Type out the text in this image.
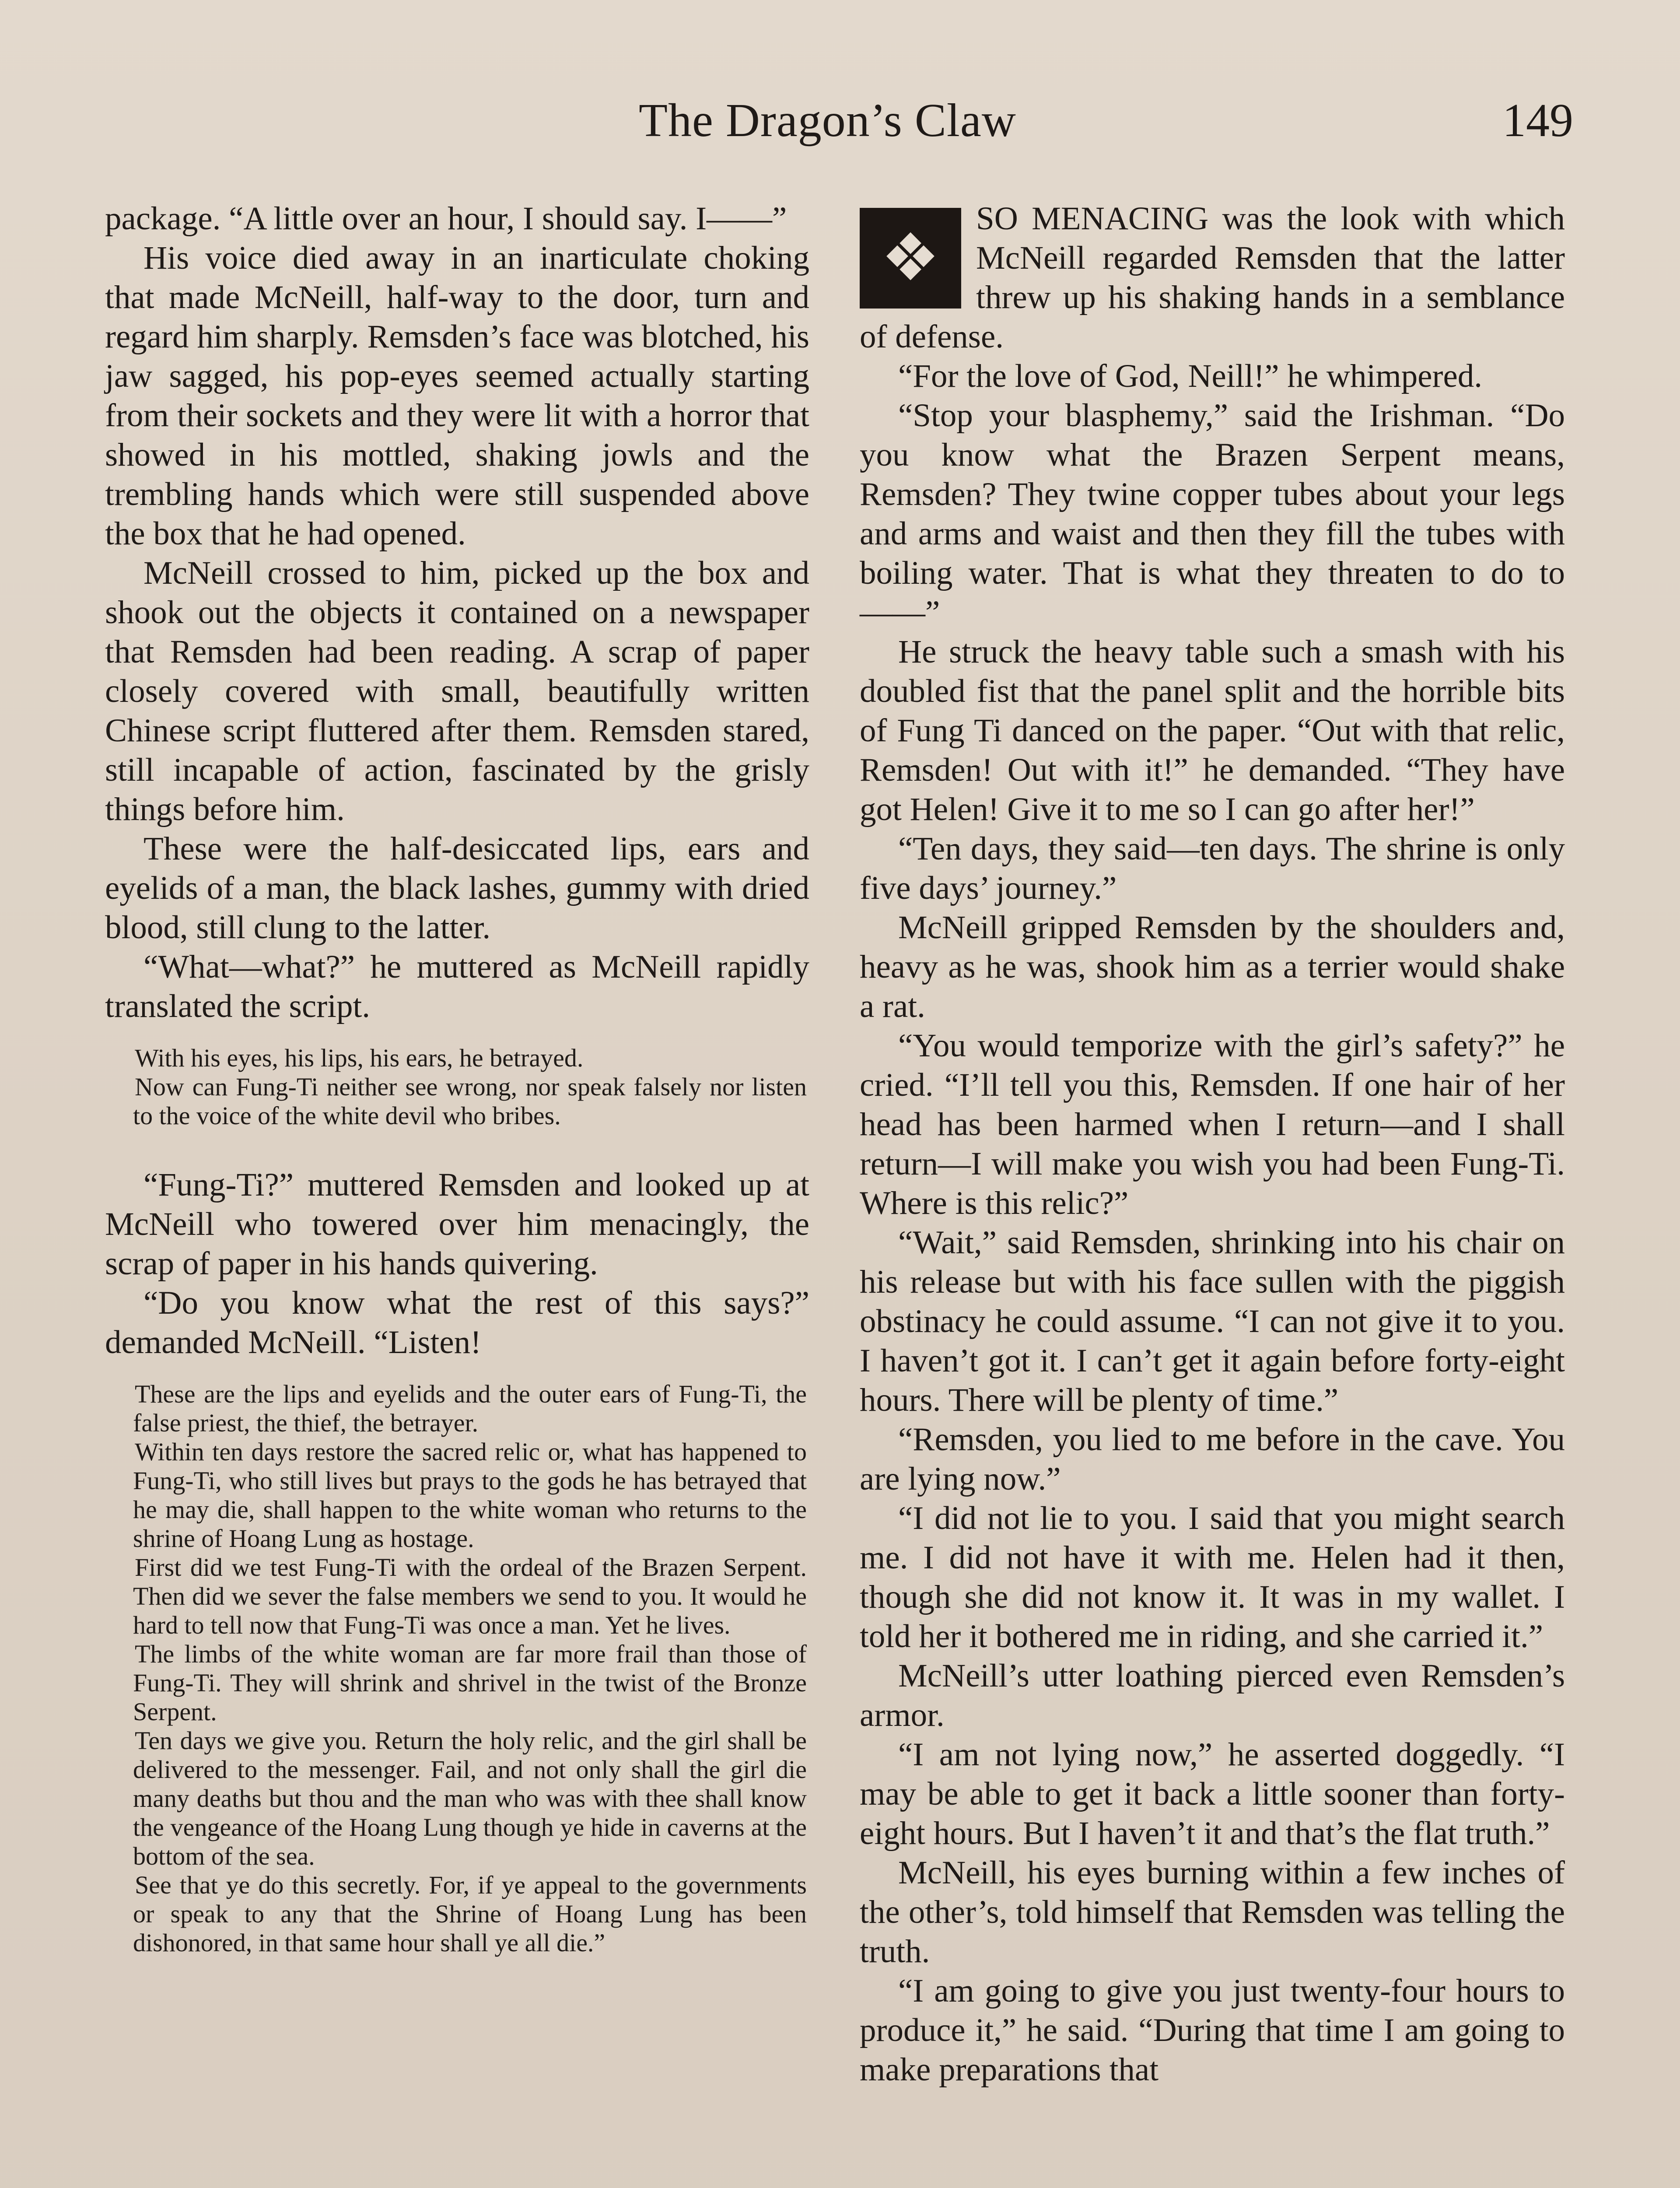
The Dragon’s Claw	149

package. “A little over an hour, I should say. I——”

His voice died away in an inarticulate choking that made McNeill, half-way to the door, turn and regard him sharply. Remsden’s face was blotched, his jaw sagged, his pop-eyes seemed actually starting from their sockets and they were lit with a horror that showed in his mottled, shaking jowls and the trembling hands which were still suspended above the box that he had opened.

McNeill crossed to him, picked up the box and shook out the objects it contained on a newspaper that Remsden had been reading. A scrap of paper closely covered with small, beautifully written Chinese script fluttered after them. Remsden stared, still incapable of action, fascinated by the grisly things before him.

These were the half-desiccated lips, ears and eyelids of a man, the black lashes, gummy with dried blood, still clung to the latter.

“What—what?” he muttered as McNeill rapidly translated the script.

With his eyes, his lips, his ears, he betrayed.

Now can Fung-Ti neither see wrong, nor speak falsely nor listen to the voice of the white devil who bribes.

“Fung-Ti?” muttered Remsden and looked up at McNeill who towered over him menacingly, the scrap of paper in his hands quivering.

“Do you know what the rest of this says?” demanded McNeill. “Listen!

These are the lips and eyelids and the outer ears of Fung-Ti, the false priest, the thief, the betrayer.

Within ten days restore the sacred relic or, what has happened to Fung-Ti, who still lives but prays to the gods he has betrayed that he may die, shall happen to the white woman who returns to the shrine of Hoang Lung as hostage.

First did we test Fung-Ti with the ordeal of the Brazen Serpent. Then did we sever the false members we send to you. It would he hard to tell now that Fung-Ti was once a man. Yet he lives.

The limbs of the white woman are far more frail than those of Fung-Ti. They will shrink and shrivel in the twist of the Bronze Serpent.

Ten days we give you. Return the holy relic, and the girl shall be delivered to the messenger. Fail, and not only shall the girl die many deaths but thou and the man who was with thee shall know the vengeance of the Hoang Lung though ye hide in caverns at the bottom of the sea.

See that ye do this secretly. For, if ye appeal to the governments or speak to any that the Shrine of Hoang Lung has been dishonored, in that same hour shall ye all die.”

❖

SO MENACING was the look with which McNeill regarded Remsden that the latter threw up his shaking hands in a semblance of defense.

“For the love of God, Neill!” he whimpered.

“Stop your blasphemy,” said the Irishman. “Do you know what the Brazen Serpent means, Remsden? They twine copper tubes about your legs and arms and waist and then they fill the tubes with boiling water. That is what they threaten to do to——”

He struck the heavy table such a smash with his doubled fist that the panel split and the horrible bits of Fung Ti danced on the paper. “Out with that relic, Remsden! Out with it!” he demanded. “They have got Helen! Give it to me so I can go after her!”

“Ten days, they said—ten days. The shrine is only five days’ journey.”

McNeill gripped Remsden by the shoulders and, heavy as he was, shook him as a terrier would shake a rat.

“You would temporize with the girl’s safety?” he cried. “I’ll tell you this, Remsden. If one hair of her head has been harmed when I return—and I shall return—I will make you wish you had been Fung-Ti. Where is this relic?”

“Wait,” said Remsden, shrinking into his chair on his release but with his face sullen with the piggish obstinacy he could assume. “I can not give it to you. I haven’t got it. I can’t get it again before forty-eight hours. There will be plenty of time.”

“Remsden, you lied to me before in the cave. You are lying now.”

“I did not lie to you. I said that you might search me. I did not have it with me. Helen had it then, though she did not know it. It was in my wallet. I told her it bothered me in riding, and she carried it.”

McNeill’s utter loathing pierced even Remsden’s armor.

“I am not lying now,” he asserted doggedly. “I may be able to get it back a little sooner than forty-eight hours. But I haven’t it and that’s the flat truth.”

McNeill, his eyes burning within a few inches of the other’s, told himself that Remsden was telling the truth.

“I am going to give you just twenty-four hours to produce it,” he said. “During that time I am going to make preparations that
